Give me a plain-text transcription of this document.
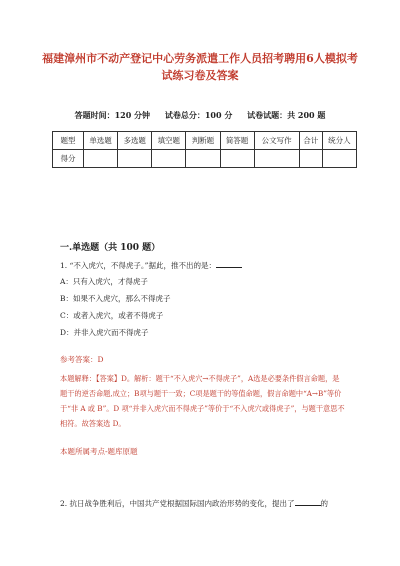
福建漳州市不动产登记中心劳务派遣工作人员招考聘用6人模拟考
试练习卷及答案
答题时间：120 分钟 试卷总分：100 分 试卷试题：共 200 题
题型	单选题	多选题	填空题	判断题	简答题	公文写作	合计	统分人
得分								
一.单选题（共 100 题）
1. “不入虎穴，不得虎子。”据此，推不出的是：
A：只有入虎穴，才得虎子
B：如果不入虎穴，那么不得虎子
C：或者入虎穴，或者不得虎子
D：并非入虎穴而不得虎子
参考答案：D
本题解释：【答案】D。解析：题干“不入虎穴→不得虎子”，A选是必要条件假言命题，是题干的逆否命题,成立；B项与题干一致；C项是题干的等值命题，假言命题中“A→B”等价于“非 A 或 B”。D 项“并非入虎穴而不得虎子”等价于“不入虎穴或得虎子”，与题干意思不相符。故答案选 D。
本题所属考点-题库原题
2. 抗日战争胜利后，中国共产党根据国际国内政治形势的变化，提出了	的
